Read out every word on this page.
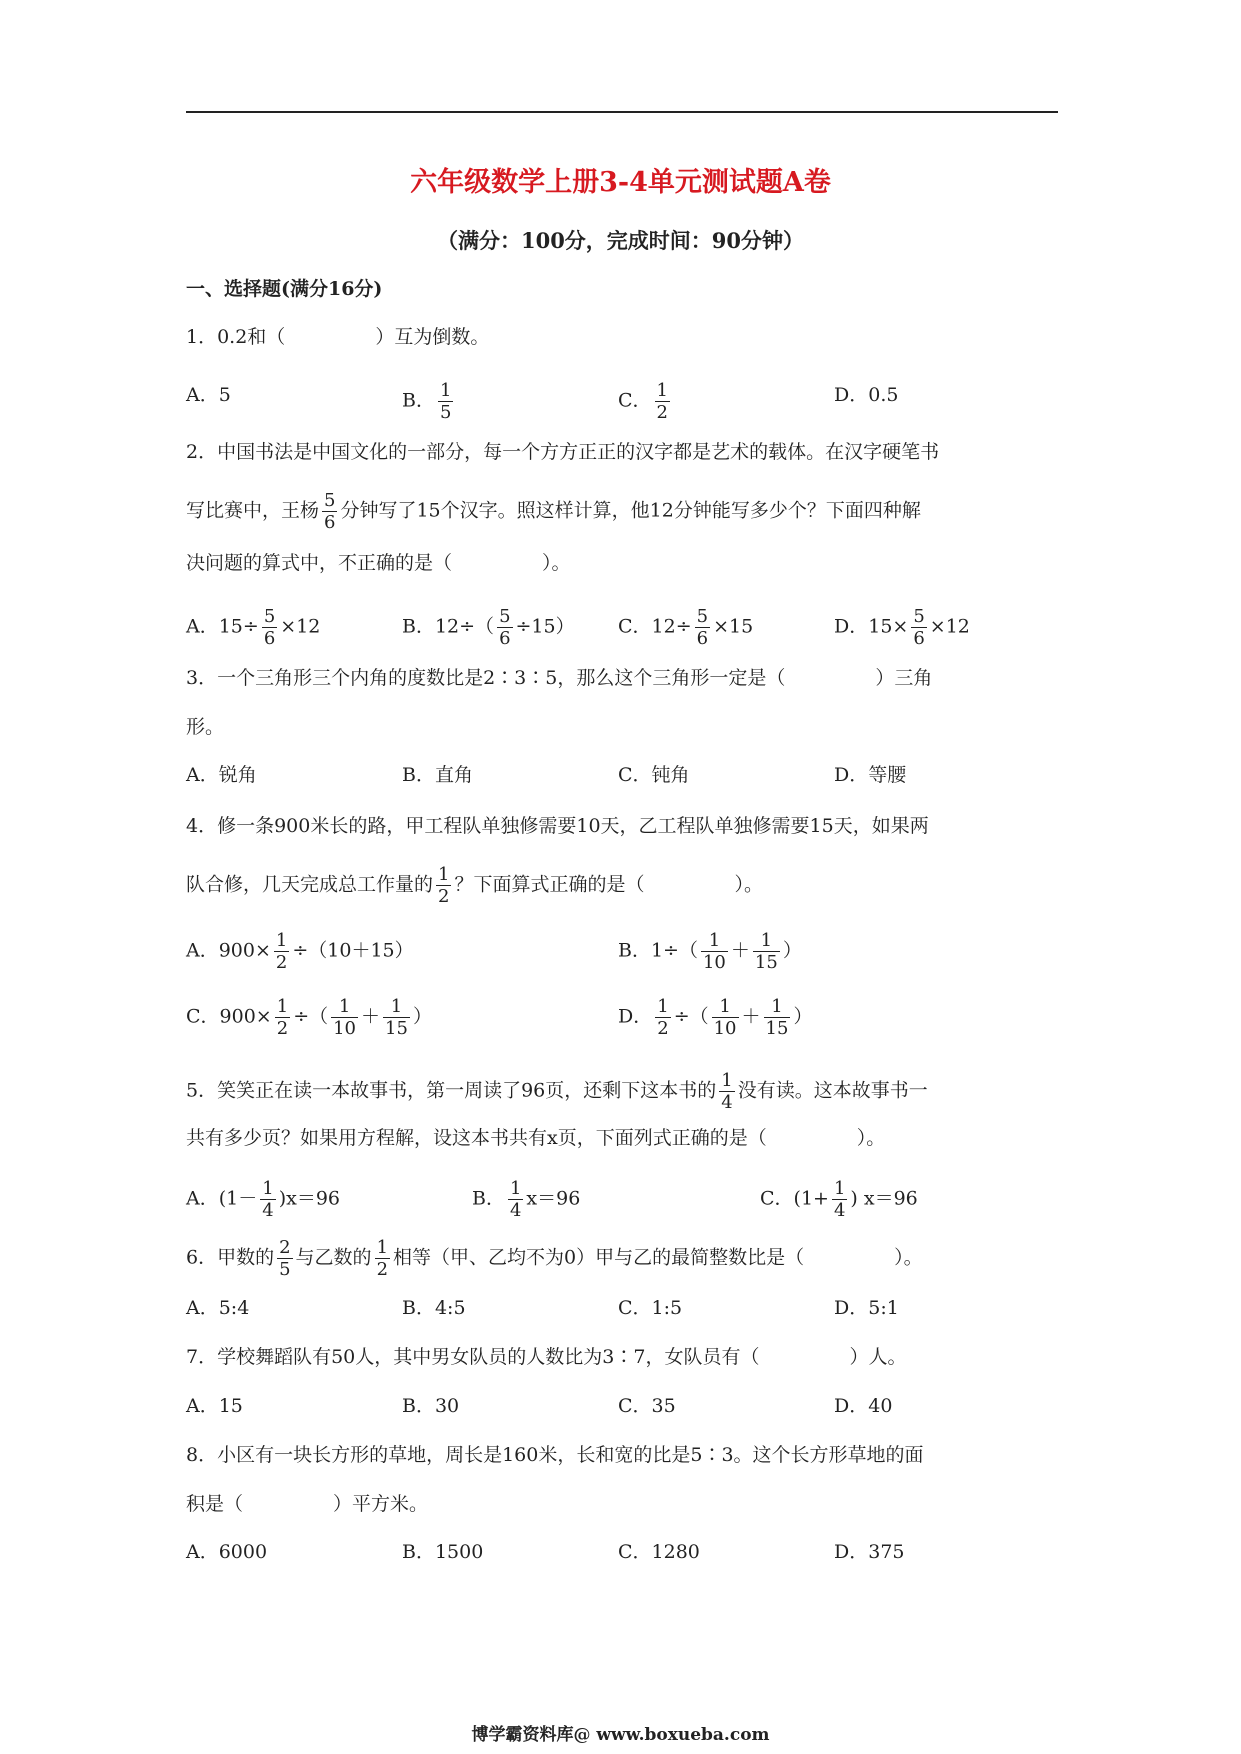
六年级数学上册3-4单元测试题A卷
（满分：100分，完成时间：90分钟）
一、选择题(满分16分)
1．0.2和（	）互为倒数。
A．5	B． $\frac{1}{5}$	C． $\frac{1}{2}$	D．0.5
2．中国书法是中国文化的一部分，每一个方方正正的汉字都是艺术的载体。在汉字硬笔书
写比赛中，王杨 $\frac{5}{6}$ 分钟写了15个汉字。照这样计算，他12分钟能写多少个？下面四种解
决问题的算式中，不正确的是（	）。
A．$15\div \frac{5}{6} \times 12$	B．$12\div( \frac{5}{6} \div 15)$ C．$12\div \frac{5}{6} \times 15$	D．$15\times \frac{5}{6} \times 12$
3．一个三角形三个内角的度数比是2∶3∶5，那么这个三角形一定是（	）三角
形。
A．锐角	B．直角	C．钝角	D．等腰
4．修一条900米长的路，甲工程队单独修需要10天，乙工程队单独修需要15天，如果两
队合修，几天完成总工作量的 $\frac{1}{2}$ ？下面算式正确的是（	）。
A．$900\times \frac{1}{2} \div(10+15)$	B．$1\div( \frac{1}{10} + \frac{1}{15}$ ）
C．$900\times \frac{1}{2}$ ÷（ $\frac{1}{10} + \frac{1}{15}$ ）	D． $\frac{1}{2}$ ÷（ $\frac{1}{10} + \frac{1}{15}$ ）
5．笑笑正在读一本故事书，第一周读了96页，还剩下这本书的 $\frac{1}{4}$ 没有读。这本故事书一
共有多少页？如果用方程解，设这本书共有x页，下面列式正确的是（	）。
A．$(1- \frac{1}{4} )x=96$	B． $\frac{1}{4} x=96$	C．($1+ \frac{1}{4}$ ) x＝96
6．甲数的 $\frac{2}{5}$ 与乙数的 $\frac{1}{2}$ 相等（甲、乙均不为0）甲与乙的最简整数比是（	）。
A．5:4	B．4:5	C．1:5	D．5:1
7．学校舞蹈队有50人，其中男女队员的人数比为3∶7，女队员有（	）人。
A．15	B．30	C．35	D．40
8．小区有一块长方形的草地，周长是160米，长和宽的比是5∶3。这个长方形草地的面
积是（	）平方米。
A．6000	B．1500	C．1280	D．375
博学霸资料库@ www.boxueba.com
